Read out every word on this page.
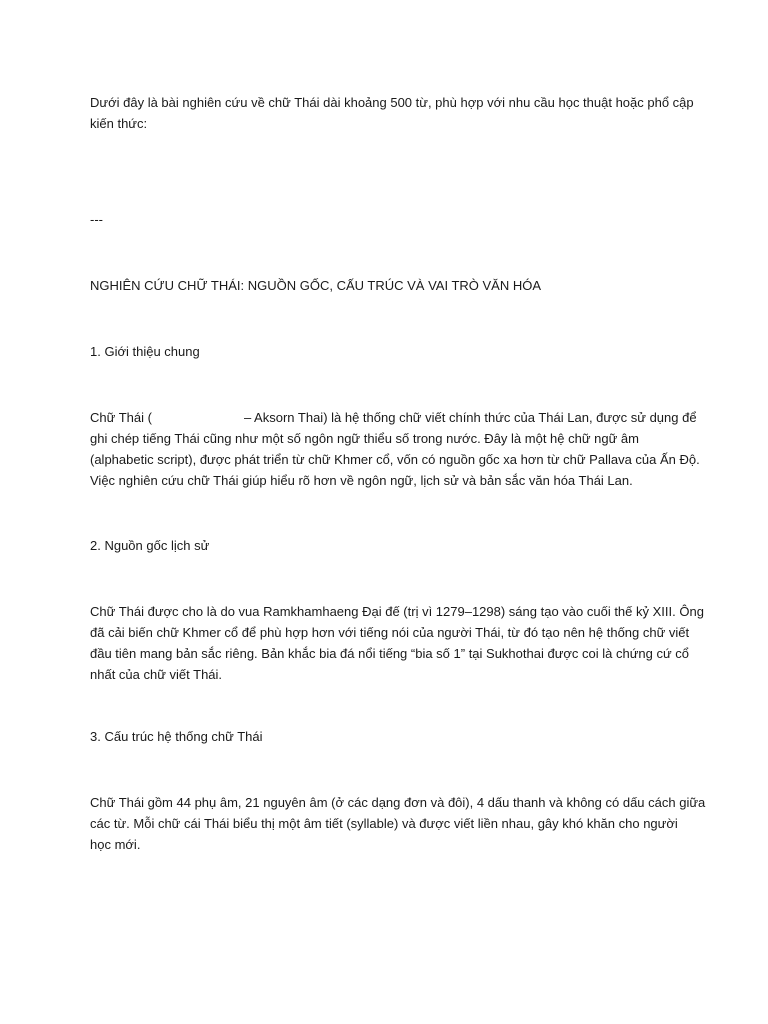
Dưới đây là bài nghiên cứu về chữ Thái dài khoảng 500 từ, phù hợp với nhu cầu học thuật hoặc phổ cập

kiến thức:

---

NGHIÊN CỨU CHỮ THÁI: NGUỒN GỐC, CẤU TRÚC VÀ VAI TRÒ VĂN HÓA

1. Giới thiệu chung

Chữ Thái (	– Aksorn Thai) là hệ thống chữ viết chính thức của Thái Lan, được sử dụng để

ghi chép tiếng Thái cũng như một số ngôn ngữ thiểu số trong nước. Đây là một hệ chữ ngữ âm

(alphabetic script), được phát triển từ chữ Khmer cổ, vốn có nguồn gốc xa hơn từ chữ Pallava của Ấn Độ.

Việc nghiên cứu chữ Thái giúp hiểu rõ hơn về ngôn ngữ, lịch sử và bản sắc văn hóa Thái Lan.

2. Nguồn gốc lịch sử

Chữ Thái được cho là do vua Ramkhamhaeng Đại đế (trị vì 1279–1298) sáng tạo vào cuối thế kỷ XIII. Ông

đã cải biến chữ Khmer cổ để phù hợp hơn với tiếng nói của người Thái, từ đó tạo nên hệ thống chữ viết

đầu tiên mang bản sắc riêng. Bản khắc bia đá nổi tiếng “bia số 1” tại Sukhothai được coi là chứng cứ cổ

nhất của chữ viết Thái.

3. Cấu trúc hệ thống chữ Thái

Chữ Thái gồm 44 phụ âm, 21 nguyên âm (ở các dạng đơn và đôi), 4 dấu thanh và không có dấu cách giữa

các từ. Mỗi chữ cái Thái biểu thị một âm tiết (syllable) và được viết liền nhau, gây khó khăn cho người

học mới.
